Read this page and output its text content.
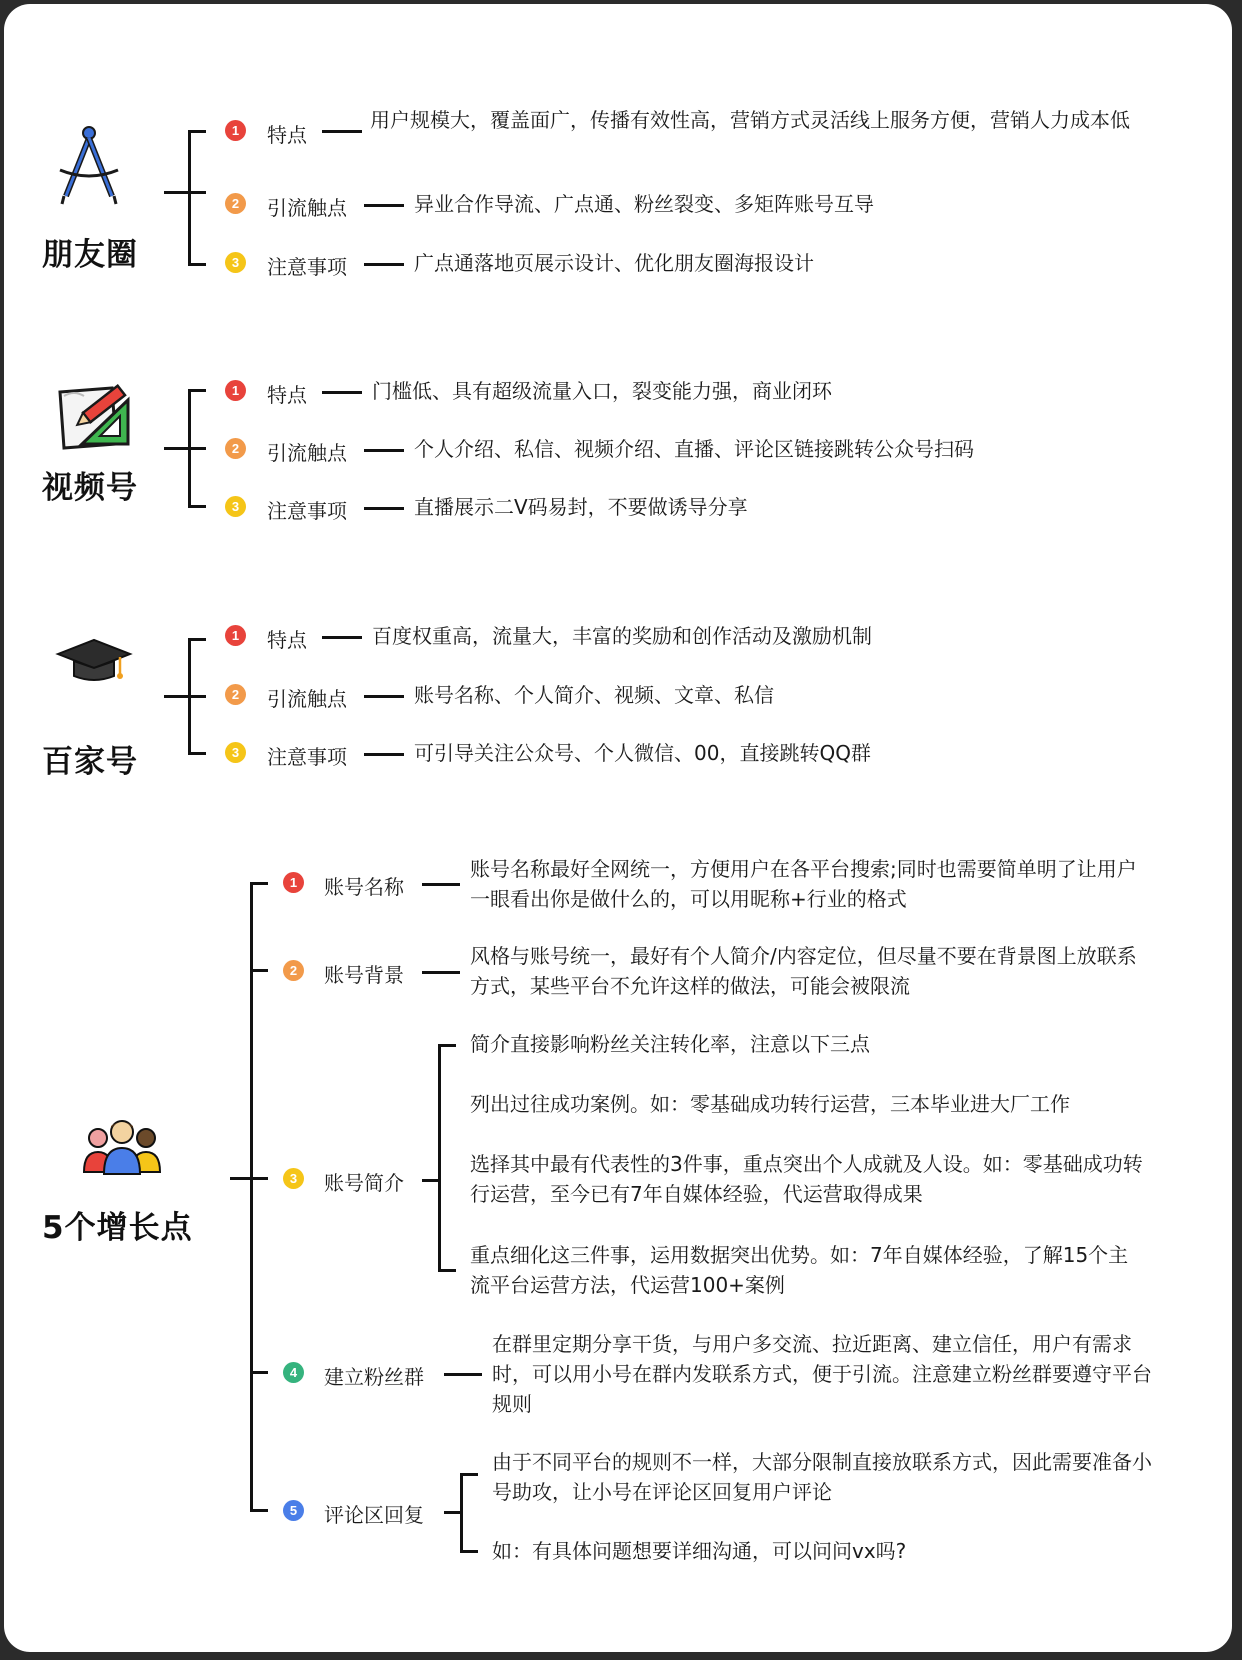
朋友圈
1	特点
用户规模大，覆盖面广，传播有效性高，营销方式灵活线上服务方便，营销人力成本低
2	引流触点	异业合作导流、广点通、粉丝裂变、多矩阵账号互导
3	注意事项	广点通落地页展示设计、优化朋友圈海报设计
视频号
1	特点	门槛低、具有超级流量入口，裂变能力强，商业闭环
2	引流触点	个人介绍、私信、视频介绍、直播、评论区链接跳转公众号扫码
3	注意事项	直播展示二V码易封，不要做诱导分享
百家号
1	特点	百度权重高，流量大，丰富的奖励和创作活动及激励机制
2	引流触点	账号名称、个人简介、视频、文章、私信
3	注意事项	可引导关注公众号、个人微信、00，直接跳转QQ群
5个增长点
1	账号名称
账号名称最好全网统一，方便用户在各平台搜索;同时也需要简单明了让用户一眼看出你是做什么的，可以用昵称+行业的格式
2	账号背景
风格与账号统一，最好有个人简介/内容定位，但尽量不要在背景图上放联系方式，某些平台不允许这样的做法，可能会被限流
3	账号简介
简介直接影响粉丝关注转化率，注意以下三点
列出过往成功案例。如：零基础成功转行运营，三本毕业进大厂工作
选择其中最有代表性的3件事，重点突出个人成就及人设。如：零基础成功转行运营，至今已有7年自媒体经验，代运营取得成果
重点细化这三件事，运用数据突出优势。如：7年自媒体经验，了解15个主流平台运营方法，代运营100+案例
4	建立粉丝群
在群里定期分享干货，与用户多交流、拉近距离、建立信任，用户有需求时，可以用小号在群内发联系方式，便于引流。注意建立粉丝群要遵守平台规则
5	评论区回复
由于不同平台的规则不一样，大部分限制直接放联系方式，因此需要准备小号助攻，让小号在评论区回复用户评论
如：有具体问题想要详细沟通，可以问问vx吗?
